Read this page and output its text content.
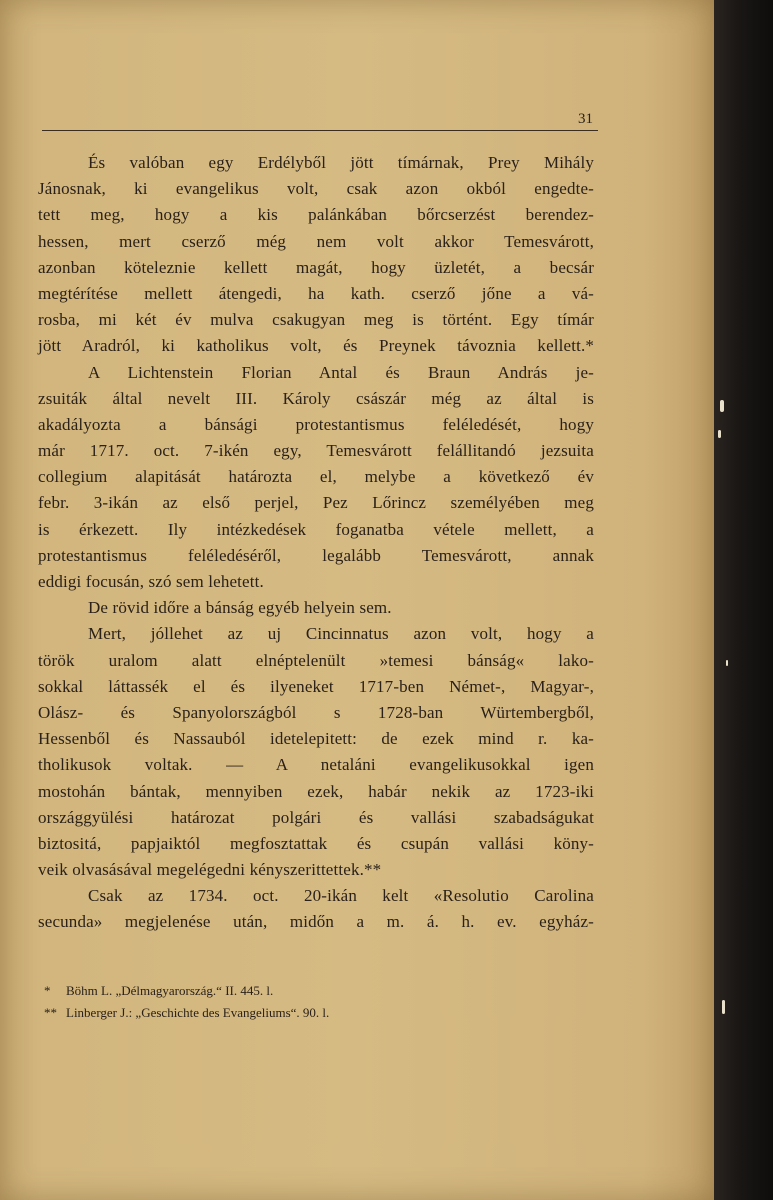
31
És valóban egy Erdélyből jött tímárnak, Prey Mihály
Jánosnak, ki evangelikus volt, csak azon okból engedte-
tett meg, hogy a kis palánkában bőrcserzést berendez-
hessen, mert cserző még nem volt akkor Temesvárott,
azonban köteleznie kellett magát, hogy üzletét, a becsár
megtérítése mellett átengedi, ha kath. cserző jőne a vá-
rosba, mi két év mulva csakugyan meg is történt. Egy tímár
jött Aradról, ki katholikus volt, és Preynek távoznia kellett.*
A Lichtenstein Florian Antal és Braun András je-
zsuiták által nevelt III. Károly császár még az által is
akadályozta a bánsági protestantismus feléledését, hogy
már 1717. oct. 7-ikén egy, Temesvárott felállitandó jezsuita
collegium alapitását határozta el, melybe a következő év
febr. 3-ikán az első perjel, Pez Lőrincz személyében meg
is érkezett. Ily intézkedések foganatba vétele mellett, a
protestantismus feléledéséről, legalább Temesvárott, annak
eddigi focusán, szó sem lehetett.
De rövid időre a bánság egyéb helyein sem.
Mert, jóllehet az uj Cincinnatus azon volt, hogy a
török uralom alatt elnéptelenült »temesi bánság« lako-
sokkal láttassék el és ilyeneket 1717-ben Német-, Magyar-,
Olász- és Spanyolországból s 1728-ban Würtembergből,
Hessenből és Nassauból idetelepitett: de ezek mind r. ka-
tholikusok voltak. — A netaláni evangelikusokkal igen
mostohán bántak, mennyiben ezek, habár nekik az 1723-iki
országgyülési határozat polgári és vallási szabadságukat
biztositá, papjaiktól megfosztattak és csupán vallási köny-
veik olvasásával megelégedni kényszerittettek.**
Csak az 1734. oct. 20-ikán kelt «Resolutio Carolina
secunda» megjelenése után, midőn a m. á. h. ev. egyház-
* Böhm L. „Délmagyarország.“ II. 445. l.
** Linberger J.: „Geschichte des Evangeliums“. 90. l.
